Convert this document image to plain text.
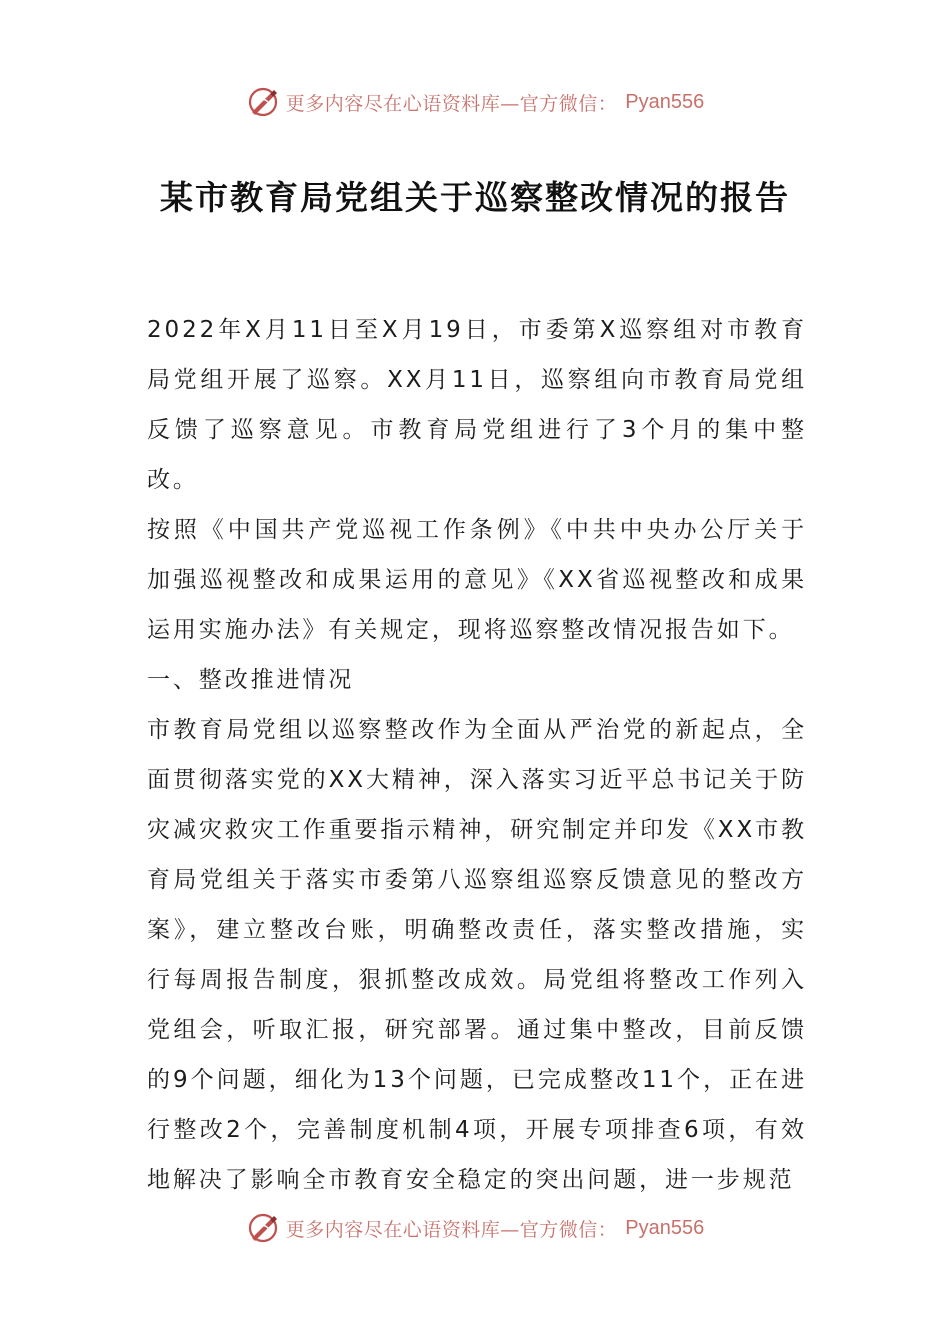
更多内容尽在心语资料库—官方微信： Pyan556
某市教育局党组关于巡察整改情况的报告

2022年X月11日至X月19日，市委第X巡察组对市教育局党组开展了巡察。XX月11日，巡察组向市教育局党组反馈了巡察意见。市教育局党组进行了3个月的集中整改。

按照《中国共产党巡视工作条例》《中共中央办公厅关于加强巡视整改和成果运用的意见》《XX省巡视整改和成果运用实施办法》有关规定，现将巡察整改情况报告如下。

一、整改推进情况

市教育局党组以巡察整改作为全面从严治党的新起点，全面贯彻落实党的XX大精神，深入落实习近平总书记关于防灾减灾救灾工作重要指示精神，研究制定并印发《XX市教育局党组关于落实市委第八巡察组巡察反馈意见的整改方案》，建立整改台账，明确整改责任，落实整改措施，实行每周报告制度，狠抓整改成效。局党组将整改工作列入党组会，听取汇报，研究部署。通过集中整改，目前反馈的9个问题，细化为13个问题，已完成整改11个，正在进行整改2个，完善制度机制4项，开展专项排查6项，有效地解决了影响全市教育安全稳定的突出问题，进一步规范

更多内容尽在心语资料库—官方微信： Pyan556
